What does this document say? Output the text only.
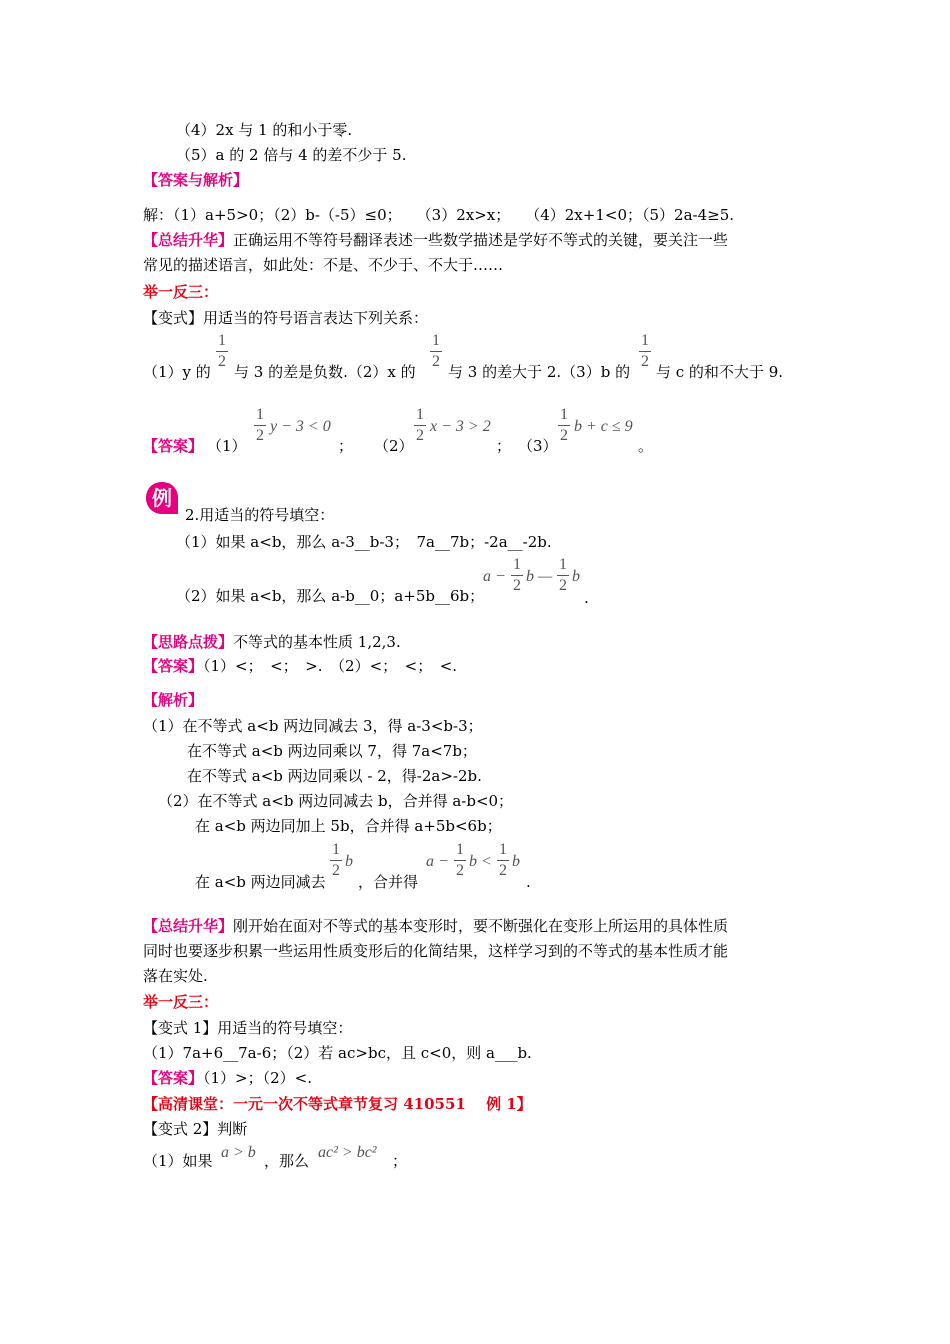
（4）2x 与 1 的和小于零.
（5）a 的 2 倍与 4 的差不少于 5.
【答案与解析】
解：（1）a+5>0；（2）b-（-5）≤0；　　（3）2x>x；　　（4）2x+1<0；（5）2a-4≥5.
【总结升华】正确运用不等符号翻译表述一些数学描述是学好不等式的关键，要关注一些
常见的描述语言，如此处：不是、不少于、不大于……
举一反三：
【变式】用适当的符号语言表达下列关系：
（1）y 的
1
2
与 3 的差是负数.（2）x 的
1
2
与 3 的差大于 2.（3）b 的
1
2
与 c 的和不大于 9.
【答案】 （1）
1
2
y − 3 < 0
； （2）
1
2
x − 3 > 2
； （3）
1
2
b + c ≤ 9
。
例
2.用适当的符号填空：
（1）如果 a<b，那么 a-3__b-3；　7a__7b；-2a__-2b.
（2）如果 a<b，那么 a-b__0；a+5b__6b；
a −
1
2
b —
1
2
b
.
【思路点拨】不等式的基本性质 1,2,3.
【答案】（1）<；　<；　>.　（2）<；　<；　<.
【解析】
（1）在不等式 a<b 两边同减去 3，得 a-3<b-3；
在不等式 a<b 两边同乘以 7，得 7a<7b；
在不等式 a<b 两边同乘以 - 2，得-2a>-2b.
（2）在不等式 a<b 两边同减去 b，合并得 a-b<0；
在 a<b 两边同加上 5b，合并得 a+5b<6b；
在 a<b 两边同减去
1
2
b
，合并得
a −
1
2
b <
1
2
b
.
【总结升华】刚开始在面对不等式的基本变形时，要不断强化在变形上所运用的具体性质
同时也要逐步积累一些运用性质变形后的化简结果，这样学习到的不等式的基本性质才能
落在实处.
举一反三：
【变式 1】用适当的符号填空：
（1）7a+6__7a-6；（2）若 ac>bc，且 c<0，则 a___b.
【答案】（1）>；（2）<.
【高清课堂：一元一次不等式章节复习 410551　 例 1】
【变式 2】判断
（1）如果 a > b ，那么 ac² > bc² ；
